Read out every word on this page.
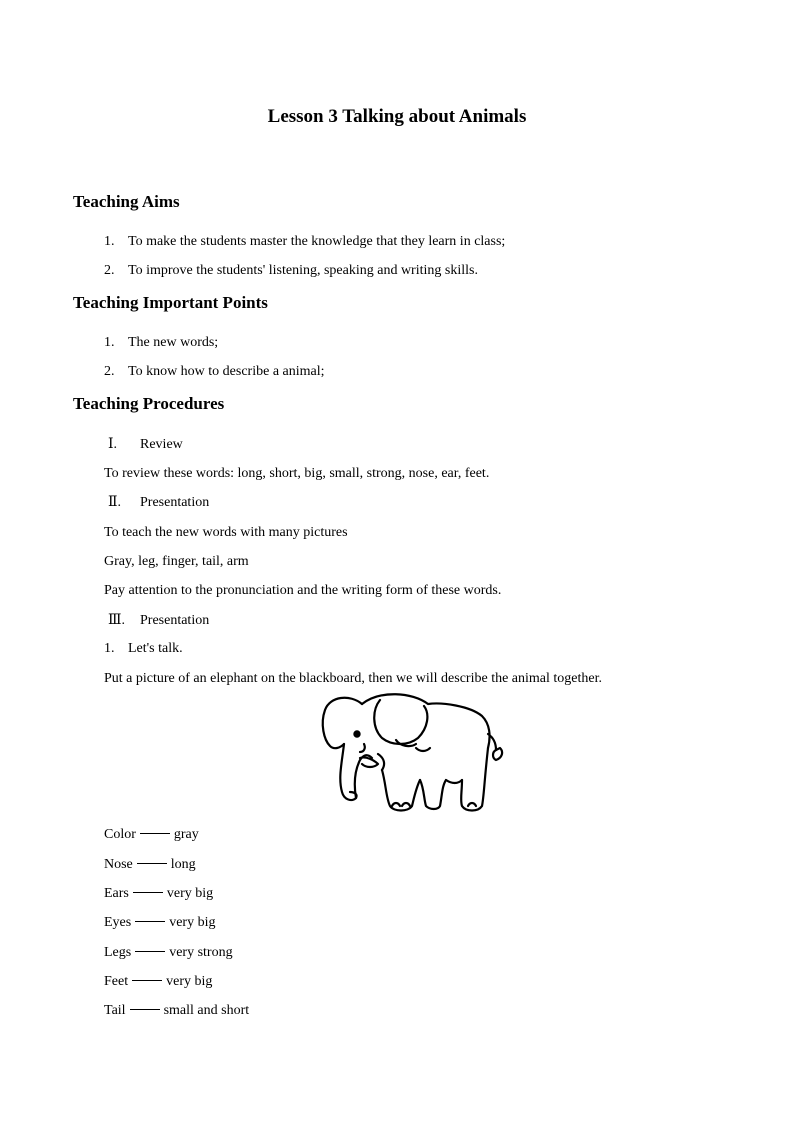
Lesson 3 Talking about Animals
Teaching Aims
1. To make the students master the knowledge that they learn in class;
2. To improve the students' listening, speaking and writing skills.
Teaching Important Points
1. The new words;
2. To know how to describe a animal;
Teaching Procedures
Ⅰ. Review
To review these words: long, short, big, small, strong, nose, ear, feet.
Ⅱ. Presentation
To teach the new words with many pictures
Gray, leg, finger, tail, arm
Pay attention to the pronunciation and the writing form of these words.
Ⅲ. Presentation
1. Let's talk.
Put a picture of an elephant on the blackboard, then we will describe the animal together.
Color	gray
Nose	long
Ears	very big
Eyes	very big
Legs	very strong
Feet	very big
Tail	small and short
